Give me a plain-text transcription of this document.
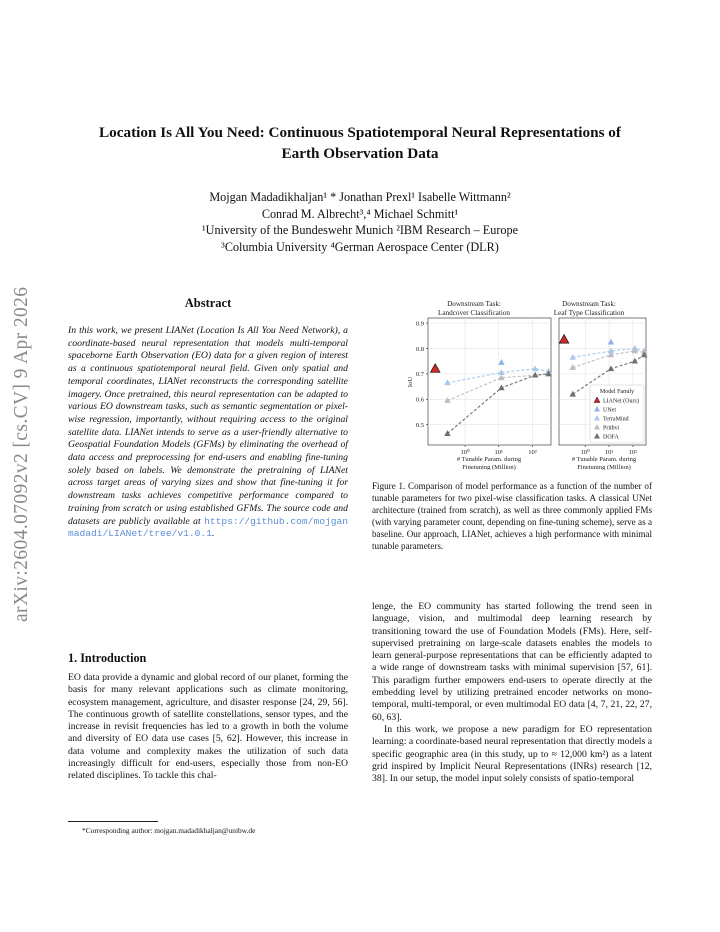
Location Is All You Need: Continuous Spatiotemporal Neural Representations of
Earth Observation Data
Mojgan Madadikhaljan¹ * Jonathan Prexl¹ Isabelle Wittmann²
Conrad M. Albrecht³,⁴ Michael Schmitt¹
¹University of the Bundeswehr Munich ²IBM Research – Europe
³Columbia University ⁴German Aerospace Center (DLR)
arXiv:2604.07092v2 [cs.CV] 9 Apr 2026	Abstract
In this work, we present LIANet (Location Is All You Need Network), a coordinate-based neural representation that models multi-temporal spaceborne Earth Observation (EO) data for a given region of interest as a continuous spatiotemporal neural field. Given only spatial and temporal coordinates, LIANet reconstructs the corresponding satellite imagery. Once pretrained, this neural representation can be adapted to various EO downstream tasks, such as semantic segmentation or pixel-wise regression, importantly, without requiring access to the original satellite data. LIANet intends to serve as a user-friendly alternative to Geospatial Foundation Models (GFMs) by eliminating the overhead of data access and preprocessing for end-users and enabling fine-tuning solely based on labels. We demonstrate the pretraining of LIANet across target areas of varying sizes and show that fine-tuning it for downstream tasks achieves competitive performance compared to training from scratch or using established GFMs. The source code and datasets are publicly available at https://github.com/mojganmadadi/LIANet/tree/v1.0.1.
1. Introduction
EO data provide a dynamic and global record of our planet, forming the basis for many relevant applications such as climate monitoring, ecosystem management, agriculture, and disaster response [24, 29, 56]. The continuous growth of satellite constellations, sensor types, and the increase in revisit frequencies has led to a growth in both the volume and diversity of EO data use cases [5, 62]. However, this increase in data volume and complexity makes the utilization of such data increasingly difficult for end-users, especially those from non-EO related disciplines. To tackle this chal-
*Corresponding author: mojgan.madadikhaljan@unibw.de
Downstream Task:
Landcover Classification
0.5
0.6
0.7
0.8
0.9
10⁰	10¹	10²
IoU
# Tunable Param. during
Finetuning (Million)
Downstream Task:
Leaf Type Classification
10⁰ 10¹ 10²
# Tunable Param. during
Finetuning (Million)
Model Family
LIANet (Ours)
UNet
TerraMind
Prithvi
DOFA
Figure 1. Comparison of model performance as a function of the number of tunable parameters for two pixel-wise classification tasks. A classical UNet architecture (trained from scratch), as well as three commonly applied FMs (with varying parameter count, depending on fine-tuning scheme), serve as a baseline. Our approach, LIANet, achieves a high performance with minimal tunable parameters.

lenge, the EO community has started following the trend seen in language, vision, and multimodal deep learning research by transitioning toward the use of Foundation Models (FMs). Here, self-supervised pretraining on large-scale datasets enables the models to learn general-purpose representations that can be efficiently adapted to a wide range of downstream tasks with minimal supervision [57, 61]. This paradigm further empowers end-users to operate directly at the embedding level by utilizing pretrained encoder networks on mono-temporal, multi-temporal, or even multimodal EO data [4, 7, 21, 22, 27, 60, 63].

In this work, we propose a new paradigm for EO representation learning: a coordinate-based neural representation that directly models a specific geographic area (in this study, up to ≈ 12,000 km²) as a latent grid inspired by Implicit Neural Representations (INRs) research [12, 38]. In our setup, the model input solely consists of spatio-temporal
